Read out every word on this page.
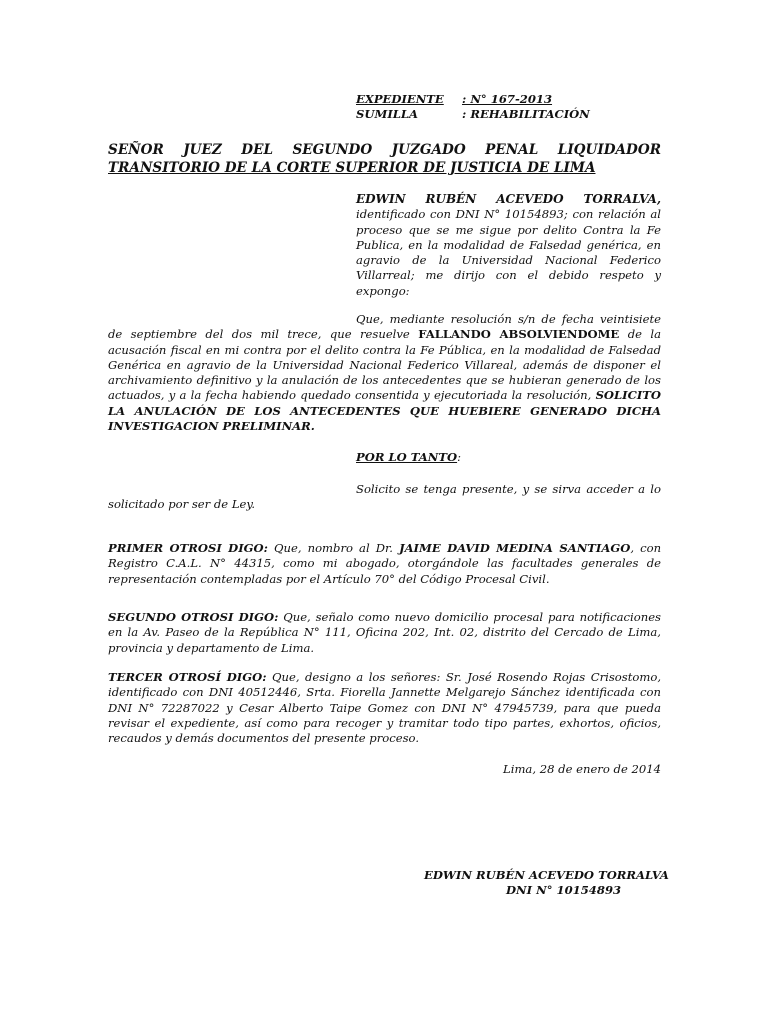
EXPEDIENTE : N° 167-2013
SUMILLA	: REHABILITACIÓN
SEÑOR JUEZ DEL SEGUNDO JUZGADO PENAL LIQUIDADOR
TRANSITORIO DE LA CORTE SUPERIOR DE JUSTICIA DE LIMA
EDWIN RUBÉN ACEVEDO TORRALVA,
identificado con DNI N° 10154893; con relación al proceso que se me sigue por delito Contra la Fe Publica, en la modalidad de Falsedad genérica, en agravio de la Universidad Nacional Federico Villarreal; me dirijo con el debido respeto y expongo:
Que, mediante resolución s/n de fecha veintisiete
de septiembre del dos mil trece, que resuelve FALLANDO ABSOLVIENDOME de la acusación fiscal en mi contra por el delito contra la Fe Pública, en la modalidad de Falsedad Genérica en agravio de la Universidad Nacional Federico Villareal, además de disponer el archivamiento definitivo y la anulación de los antecedentes que se hubieran generado de los actuados, y a la fecha habiendo quedado consentida y ejecutoriada la resolución, SOLICITO LA ANULACIÓN DE LOS ANTECEDENTES QUE HUEBIERE GENERADO DICHA INVESTIGACION PRELIMINAR.
POR LO TANTO:
Solicito se tenga presente, y se sirva acceder a lo
solicitado por ser de Ley.
PRIMER OTROSI DIGO: Que, nombro al Dr. JAIME DAVID MEDINA SANTIAGO, con Registro C.A.L. N° 44315, como mi abogado, otorgándole las facultades generales de representación contempladas por el Artículo 70° del Código Procesal Civil.
SEGUNDO OTROSI DIGO: Que, señalo como nuevo domicilio procesal para notificaciones en la Av. Paseo de la República N° 111, Oficina 202, Int. 02, distrito del Cercado de Lima, provincia y departamento de Lima.
TERCER OTROSÍ DIGO: Que, designo a los señores: Sr. José Rosendo Rojas Crisostomo, identificado con DNI 40512446, Srta. Fiorella Jannette Melgarejo Sánchez identificada con DNI N° 72287022 y Cesar Alberto Taipe Gomez con DNI N° 47945739, para que pueda revisar el expediente, así como para recoger y tramitar todo tipo partes, exhortos, oficios, recaudos y demás documentos del presente proceso.
Lima, 28 de enero de 2014
EDWIN RUBÉN ACEVEDO TORRALVA
DNI N° 10154893
